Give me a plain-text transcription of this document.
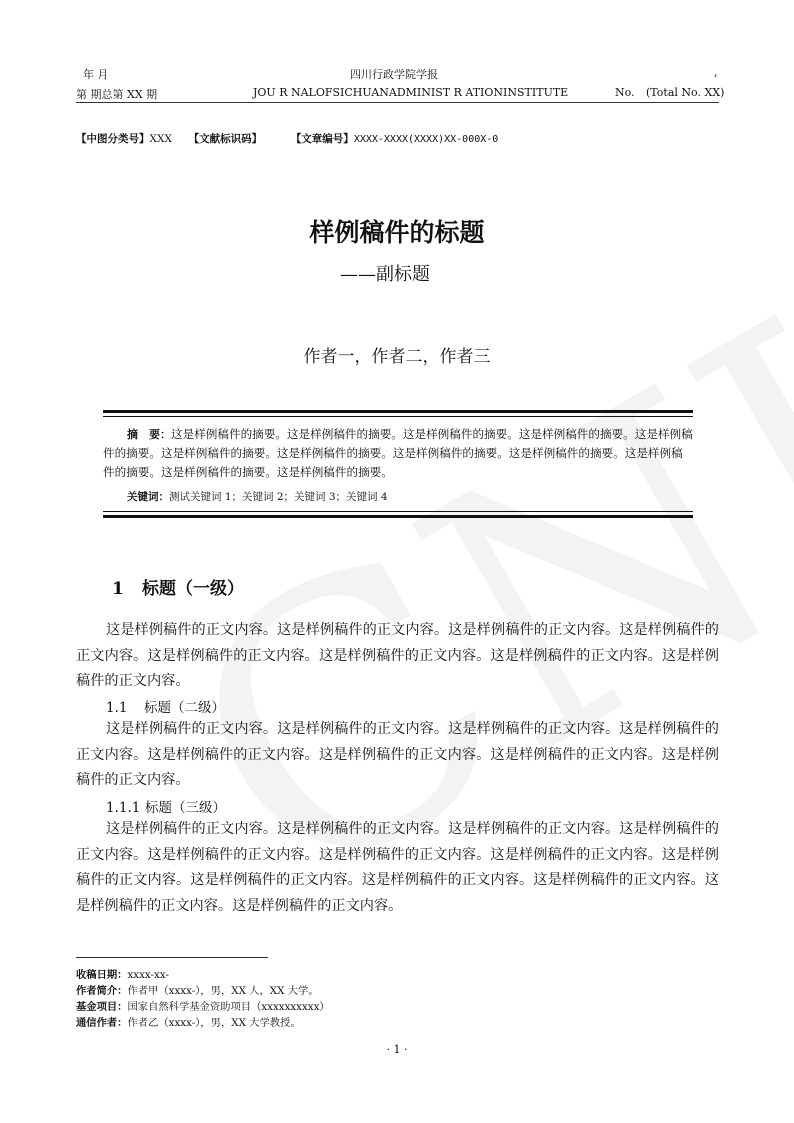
年 月	四川行政学院学报	,
第 期总第 XX 期	JOU R NALOFSICHUANADMINIST R ATIONINSTITUTE	No. (Total No. XX)
【中图分类号】XXX 【文献标识码】	【文章编号】XXXX-XXXX(XXXX)XX-000X-0
样例稿件的标题
——副标题
作者一，作者二，作者三
摘　要：这是样例稿件的摘要。这是样例稿件的摘要。这是样例稿件的摘要。这是样例稿件的摘要。这是样例稿件的摘要。这是样例稿件的摘要。这是样例稿件的摘要。这是样例稿件的摘要。这是样例稿件的摘要。这是样例稿件的摘要。这是样例稿件的摘要。这是样例稿件的摘要。
关键词：测试关键词 1；关键词 2；关键词 3；关键词 4
1 标题（一级）
这是样例稿件的正文内容。这是样例稿件的正文内容。这是样例稿件的正文内容。这是样例稿件的正文内容。这是样例稿件的正文内容。这是样例稿件的正文内容。这是样例稿件的正文内容。这是样例稿件的正文内容。
1.1 标题（二级）
这是样例稿件的正文内容。这是样例稿件的正文内容。这是样例稿件的正文内容。这是样例稿件的正文内容。这是样例稿件的正文内容。这是样例稿件的正文内容。这是样例稿件的正文内容。这是样例稿件的正文内容。
1.1.1 标题（三级）
这是样例稿件的正文内容。这是样例稿件的正文内容。这是样例稿件的正文内容。这是样例稿件的正文内容。这是样例稿件的正文内容。这是样例稿件的正文内容。这是样例稿件的正文内容。这是样例稿件的正文内容。这是样例稿件的正文内容。这是样例稿件的正文内容。这是样例稿件的正文内容。这是样例稿件的正文内容。这是样例稿件的正文内容。
收稿日期：xxxx-xx-
作者简介：作者甲（xxxx-），男，XX 人，XX 大学。
基金项目：国家自然科学基金资助项目（xxxxxxxxxx）
通信作者：作者乙（xxxx-），男，XX 大学教授。
· 1 ·
